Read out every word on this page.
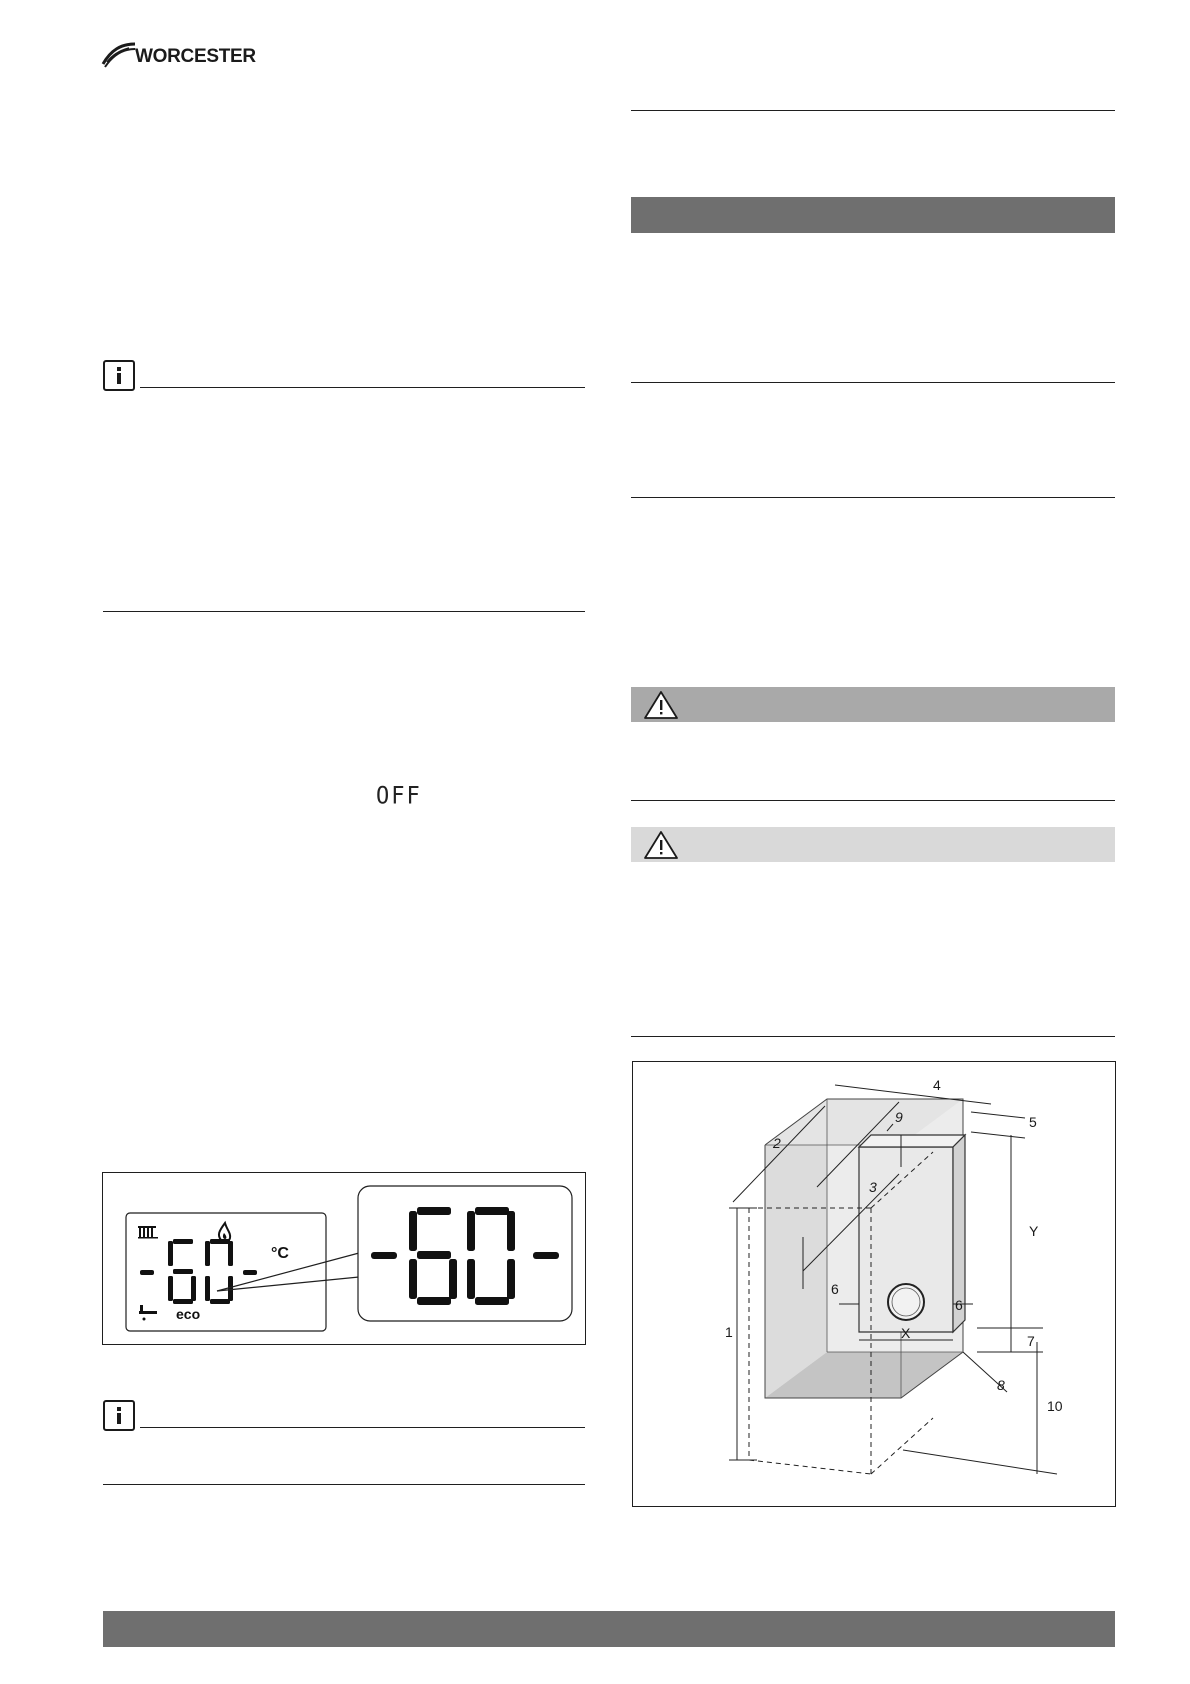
WORCESTER
OFF
°C
eco
1
2
3
4
5
6
6
7
8
9
10
X
Y
